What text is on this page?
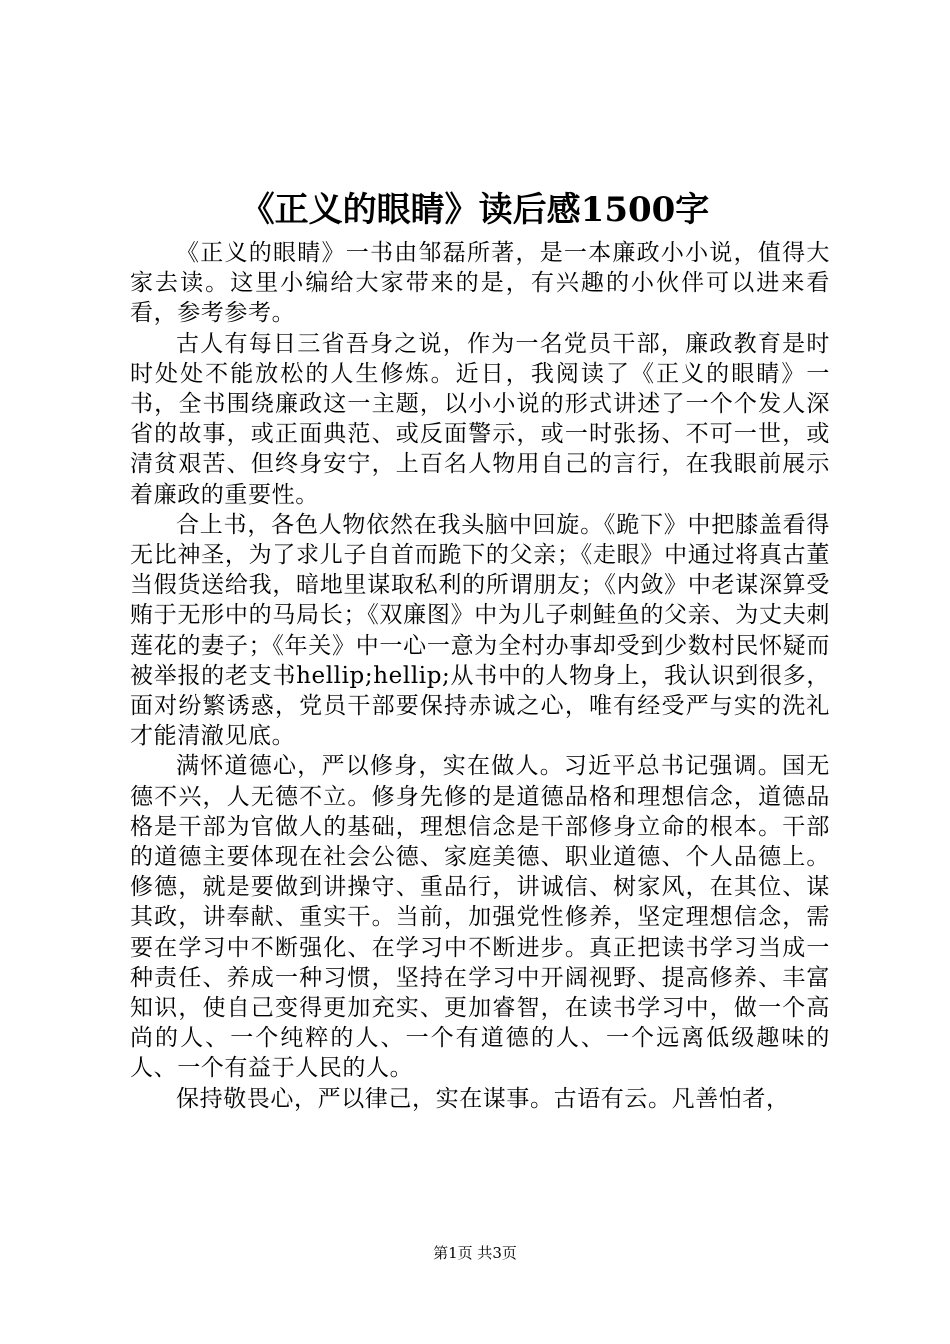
《正义的眼睛》读后感1500字

《正义的眼睛》一书由邹磊所著，是一本廉政小小说，值得大家去读。这里小编给大家带来的是，有兴趣的小伙伴可以进来看看，参考参考。

古人有每日三省吾身之说，作为一名党员干部，廉政教育是时时处处不能放松的人生修炼。近日，我阅读了《正义的眼睛》一书，全书围绕廉政这一主题，以小小说的形式讲述了一个个发人深省的故事，或正面典范、或反面警示，或一时张扬、不可一世，或清贫艰苦、但终身安宁，上百名人物用自己的言行，在我眼前展示着廉政的重要性。

合上书，各色人物依然在我头脑中回旋。《跪下》中把膝盖看得无比神圣，为了求儿子自首而跪下的父亲；《走眼》中通过将真古董当假货送给我，暗地里谋取私利的所谓朋友；《内敛》中老谋深算受贿于无形中的马局长；《双廉图》中为儿子刺鲑鱼的父亲、为丈夫刺莲花的妻子；《年关》中一心一意为全村办事却受到少数村民怀疑而被举报的老支书hellip;hellip;从书中的人物身上，我认识到很多，面对纷繁诱惑，党员干部要保持赤诚之心，唯有经受严与实的洗礼才能清澈见底。

满怀道德心，严以修身，实在做人。习近平总书记强调。国无德不兴，人无德不立。修身先修的是道德品格和理想信念，道德品格是干部为官做人的基础，理想信念是干部修身立命的根本。干部的道德主要体现在社会公德、家庭美德、职业道德、个人品德上。修德，就是要做到讲操守、重品行，讲诚信、树家风，在其位、谋其政，讲奉献、重实干。当前，加强党性修养，坚定理想信念，需要在学习中不断强化、在学习中不断进步。真正把读书学习当成一种责任、养成一种习惯，坚持在学习中开阔视野、提高修养、丰富知识，使自己变得更加充实、更加睿智，在读书学习中，做一个高尚的人、一个纯粹的人、一个有道德的人、一个远离低级趣味的人、一个有益于人民的人。

保持敬畏心，严以律己，实在谋事。古语有云。凡善怕者，

第1页 共3页
